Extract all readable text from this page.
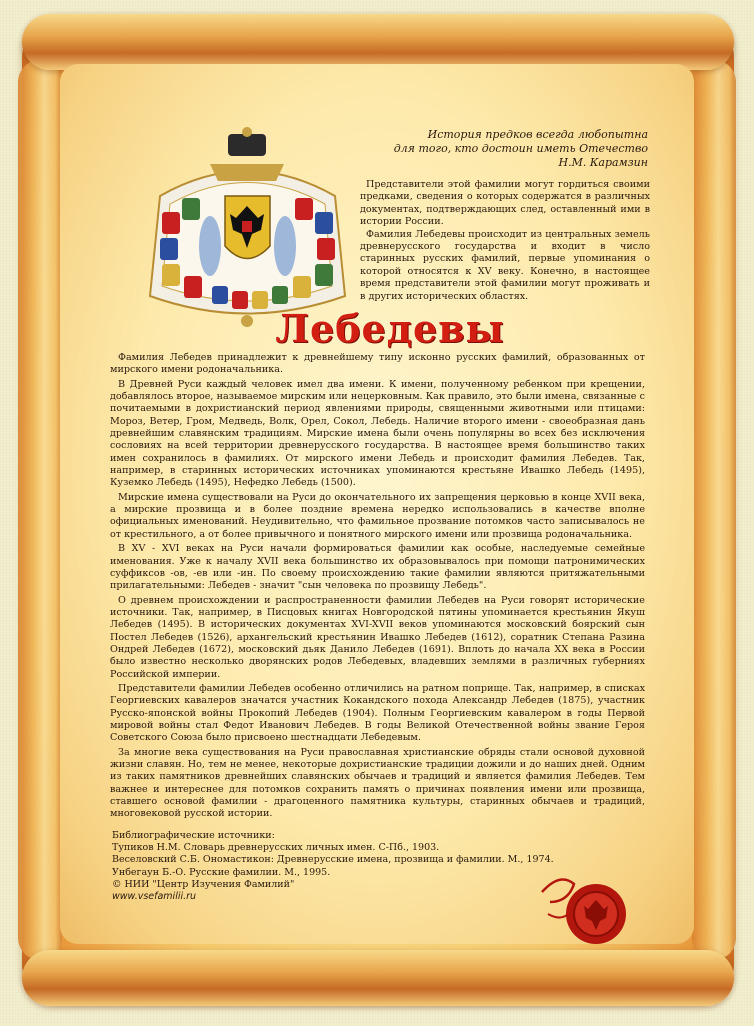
История предков всегда любопытна
для того, кто достоин иметь Отечество
Н.М. Карамзин

Представители этой фамилии могут гордиться своими предками, сведения о которых содержатся в различных документах, подтверждающих след, оставленный ими в истории России.

Фамилия Лебедевы происходит из центральных земель древнерусского государства и входит в число старинных русских фамилий, первые упоминания о которой относятся к XV веку. Конечно, в настоящее время представители этой фамилии могут проживать и в других исторических областях.

Лебедевы

Фамилия Лебедев принадлежит к древнейшему типу исконно русских фамилий, образованных от мирского имени родоначальника.

В Древней Руси каждый человек имел два имени. К имени, полученному ребенком при крещении, добавлялось второе, называемое мирским или нецерковным. Как правило, это были имена, связанные с почитаемыми в дохристианский период явлениями природы, священными животными или птицами: Мороз, Ветер, Гром, Медведь, Волк, Орел, Сокол, Лебедь. Наличие второго имени - своеобразная дань древнейшим славянским традициям. Мирские имена были очень популярны во всех без исключения сословиях на всей территории древнерусского государства. В настоящее время большинство таких имен сохранилось в фамилиях. От мирского имени Лебедь и происходит фамилия Лебедев. Так, например, в старинных исторических источниках упоминаются крестьяне Ивашко Лебедь (1495), Куземко Лебедь (1495), Нефедко Лебедь (1500).

Мирские имена существовали на Руси до окончательного их запрещения церковью в конце XVII века, а мирские прозвища и в более поздние времена нередко использовались в качестве вполне официальных именований. Неудивительно, что фамильное прозвание потомков часто записывалось не от крестильного, а от более привычного и понятного мирского имени или прозвища родоначальника.

В XV - XVI веках на Руси начали формироваться фамилии как особые, наследуемые семейные именования. Уже к началу XVII века большинство их образовывалось при помощи патронимических суффиксов -ов, -ев или -ин. По своему происхождению такие фамилии являются притяжательными прилагательными: Лебедев - значит "сын человека по прозвищу Лебедь".

О древнем происхождении и распространенности фамилии Лебедев на Руси говорят исторические источники. Так, например, в Писцовых книгах Новгородской пятины упоминается крестьянин Якуш Лебедев (1495). В исторических документах XVI-XVII веков упоминаются московский боярский сын Постел Лебедев (1526), архангельский крестьянин Ивашко Лебедев (1612), соратник Степана Разина Ондрей Лебедев (1672), московский дьяк Данило Лебедев (1691). Вплоть до начала XX века в России было известно несколько дворянских родов Лебедевых, владевших землями в различных губерниях Российской империи.

Представители фамилии Лебедев особенно отличились на ратном поприще. Так, например, в списках Георгиевских кавалеров значатся участник Кокандского похода Александр Лебедев (1875), участник Русско-японской войны Прокопий Лебедев (1904). Полным Георгиевским кавалером в годы Первой мировой войны стал Федот Иванович Лебедев. В годы Великой Отечественной войны звание Героя Советского Союза было присвоено шестнадцати Лебедевым.

За многие века существования на Руси православная христианские обряды стали основой духовной жизни славян. Но, тем не менее, некоторые дохристианские традиции дожили и до наших дней. Одним из таких памятников древнейших славянских обычаев и традиций и является фамилия Лебедев. Тем важнее и интереснее для потомков сохранить память о причинах появления имени или прозвища, ставшего основой фамилии - драгоценного памятника культуры, старинных обычаев и традиций, многовековой русской истории.

Библиографические источники:
Тупиков Н.М. Словарь древнерусских личных имен. С-Пб., 1903.
Веселовский С.Б. Ономастикон: Древнерусские имена, прозвища и фамилии. М., 1974.
Унбегаун Б.-О. Русские фамилии. М., 1995.
© НИИ "Центр Изучения Фамилий"
www.vsefamilii.ru
